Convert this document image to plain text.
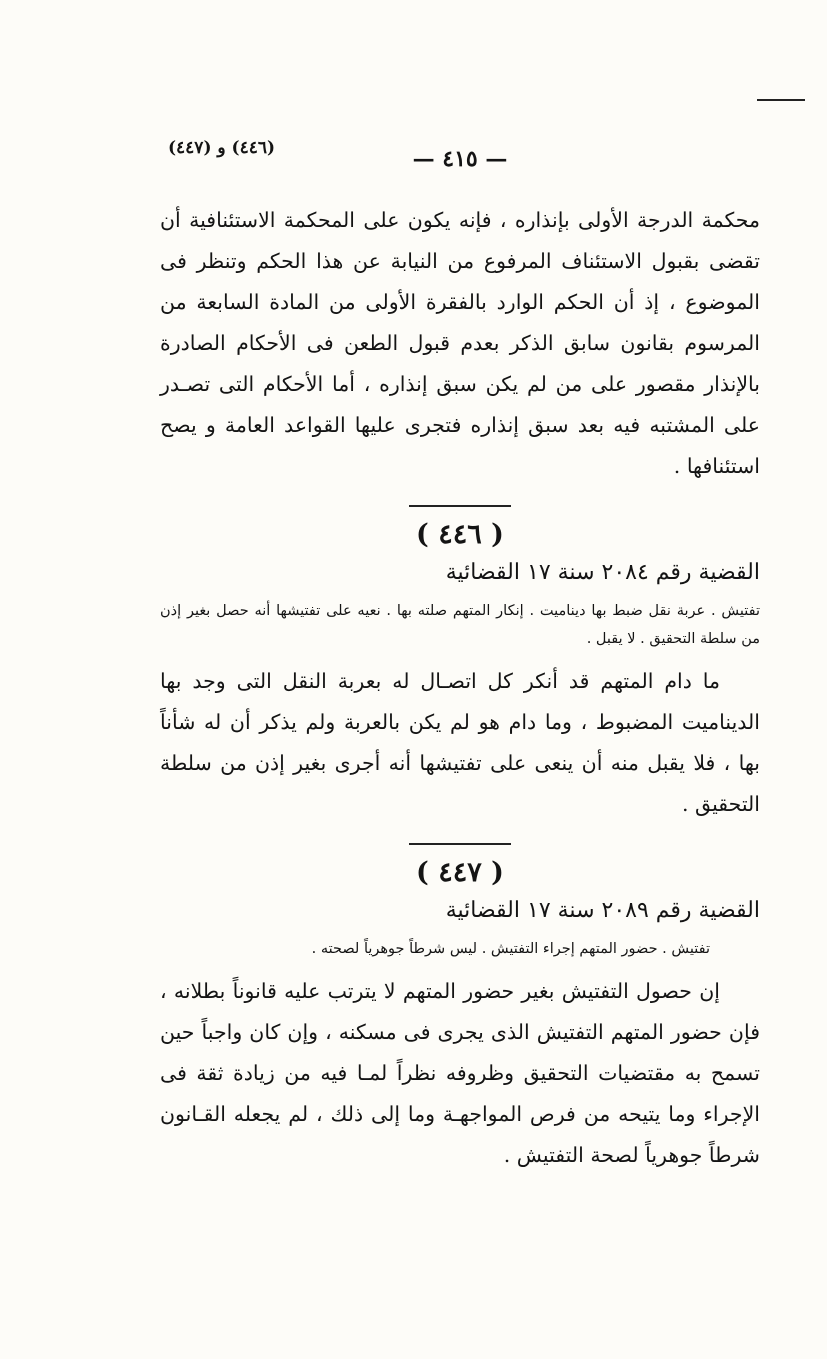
— ٤١٥ —
(٤٤٦) و (٤٤٧)

محكمة الدرجة الأولى بإنذاره ، فإنه يكون على المحكمة الاستئنافية أن تقضى بقبول الاستئناف المرفوع من النيابة عن هذا الحكم وتنظر فى الموضوع ، إذ أن الحكم الوارد بالفقرة الأولى من المادة السابعة من المرسوم بقانون سابق الذكر بعدم قبول الطعن فى الأحكام الصادرة بالإنذار مقصور على من لم يكن سبق إنذاره ، أما الأحكام التى تصـدر على المشتبه فيه بعد سبق إنذاره فتجرى عليها القواعد العامة و يصح استئنافها .

( ٤٤٦ )
القضية رقم ٢٠٨٤ سنة ١٧ القضائية

تفتيش . عربة نقل ضبط بها ديناميت . إنكار المتهم صلته بها . نعيه على تفتيشها أنه حصل بغير إذن من سلطة التحقيق . لا يقبل .

ما دام المتهم قد أنكر كل اتصـال له بعربة النقل التى وجد بها الديناميت المضبوط ، وما دام هو لم يكن بالعربة ولم يذكر أن له شأناً بها ، فلا يقبل منه أن ينعى على تفتيشها أنه أجرى بغير إذن من سلطة التحقيق .

( ٤٤٧ )
القضية رقم ٢٠٨٩ سنة ١٧ القضائية

تفتيش . حضور المتهم إجراء التفتيش . ليس شرطاً جوهرياً لصحته .

إن حصول التفتيش بغير حضور المتهم لا يترتب عليه قانوناً بطلانه ، فإن حضور المتهم التفتيش الذى يجرى فى مسكنه ، وإن كان واجباً حين تسمح به مقتضيات التحقيق وظروفه نظراً لمـا فيه من زيادة ثقة فى الإجراء وما يتيحه من فرص المواجهـة وما إلى ذلك ، لم يجعله القـانون شرطاً جوهرياً لصحة التفتيش .
